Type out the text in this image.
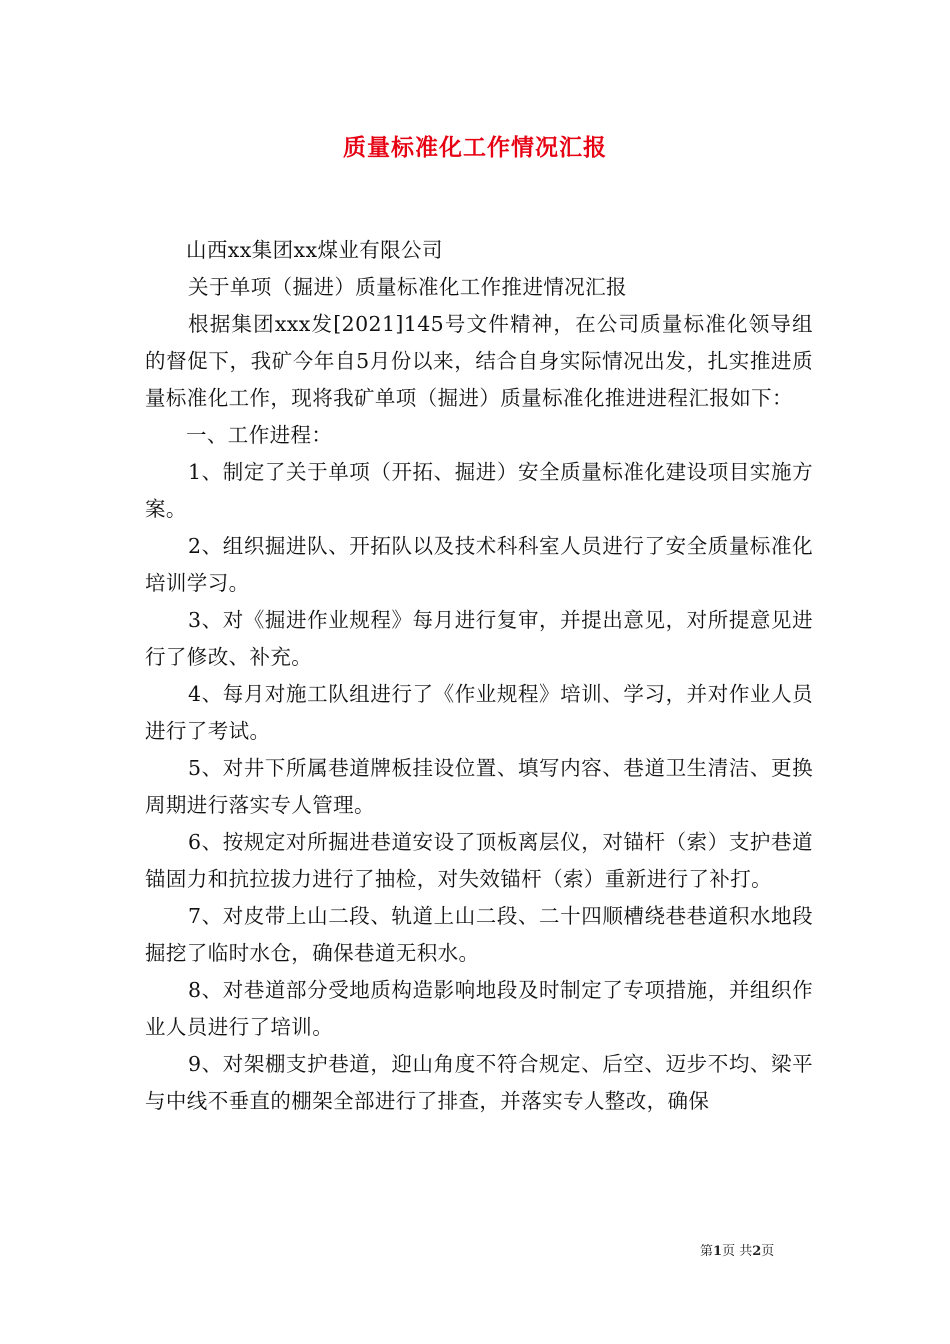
质量标准化工作情况汇报

山西xx集团xx煤业有限公司

关于单项（掘进）质量标准化工作推进情况汇报

根据集团xxx发[2021]145号文件精神，在公司质量标准化领导组的督促下，我矿今年自5月份以来，结合自身实际情况出发，扎实推进质量标准化工作，现将我矿单项（掘进）质量标准化推进进程汇报如下：

一、工作进程：

1、制定了关于单项（开拓、掘进）安全质量标准化建设项目实施方案。

2、组织掘进队、开拓队以及技术科科室人员进行了安全质量标准化培训学习。

3、对《掘进作业规程》每月进行复审，并提出意见，对所提意见进行了修改、补充。

4、每月对施工队组进行了《作业规程》培训、学习，并对作业人员进行了考试。

5、对井下所属巷道牌板挂设位置、填写内容、巷道卫生清洁、更换周期进行落实专人管理。

6、按规定对所掘进巷道安设了顶板离层仪，对锚杆（索）支护巷道锚固力和抗拉拔力进行了抽检，对失效锚杆（索）重新进行了补打。

7、对皮带上山二段、轨道上山二段、二十四顺槽绕巷巷道积水地段掘挖了临时水仓，确保巷道无积水。

8、对巷道部分受地质构造影响地段及时制定了专项措施，并组织作业人员进行了培训。

9、对架棚支护巷道，迎山角度不符合规定、后空、迈步不均、梁平与中线不垂直的棚架全部进行了排查，并落实专人整改，确保

第1页 共2页
